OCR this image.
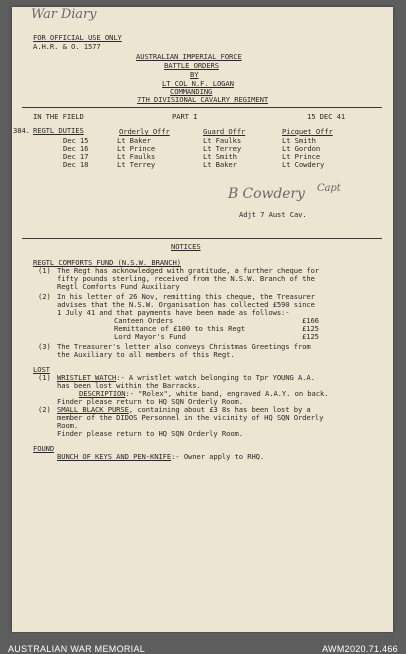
War Diary
FOR OFFICIAL USE ONLY
A.H.R. & O. 1577
AUSTRALIAN IMPERIAL FORCE
BATTLE ORDERS
BY
LT COL N.F. LOGAN
COMMANDING
7TH DIVISIONAL CAVALRY REGIMENT
IN THE FIELD	PART I	15 DEC 41
384. REGTL DUTIES	Orderly Offr	Guard Offr	Picquet Offr
Dec 15	Lt Baker	Lt Faulks	Lt Smith
Dec 16	Lt Prince	Lt Terrey	Lt Gordon
Dec 17	Lt Faulks	Lt Smith	Lt Prince
Dec 18	Lt Terrey	Lt Baker	Lt Cowdery
B Cowdery Capt
Adjt 7 Aust Cav.
NOTICES
REGTL COMFORTS FUND (N.S.W. BRANCH)
(1) The Regt has acknowledged with gratitude, a further cheque for
fifty pounds sterling, received from the N.S.W. Branch of the
Regtl Comforts Fund Auxiliary
(2) In his letter of 26 Nov, remitting this cheque, the Treasurer
advises that the N.S.W. Organisation has collected £590 since
1 July 41 and that payments have been made as follows:-
Canteen Orders	£166
Remittance of £100 to this Regt	£125
Lord Mayor's Fund	£125
(3) The Treasurer's letter also conveys Christmas Greetings from
the Auxiliary to all members of this Regt.
LOST
(1) WRISTLET WATCH:- A wristlet watch belonging to Tpr YOUNG A.A.
has been lost within the Barracks.
DESCRIPTION:- "Rolex", white band, engraved A.A.Y. on back.
Finder please return to HQ SQN Orderly Room.
(2) SMALL BLACK PURSE, containing about £3 8s has been lost by a
member of the DIDOS Personnel in the vicinity of HQ SQN Orderly
Room.
Finder please return to HQ SQN Orderly Room.
FOUND
BUNCH OF KEYS AND PEN-KNIFE:- Owner apply to RHQ.
AUSTRALIAN WAR MEMORIAL	AWM2020.71.466
